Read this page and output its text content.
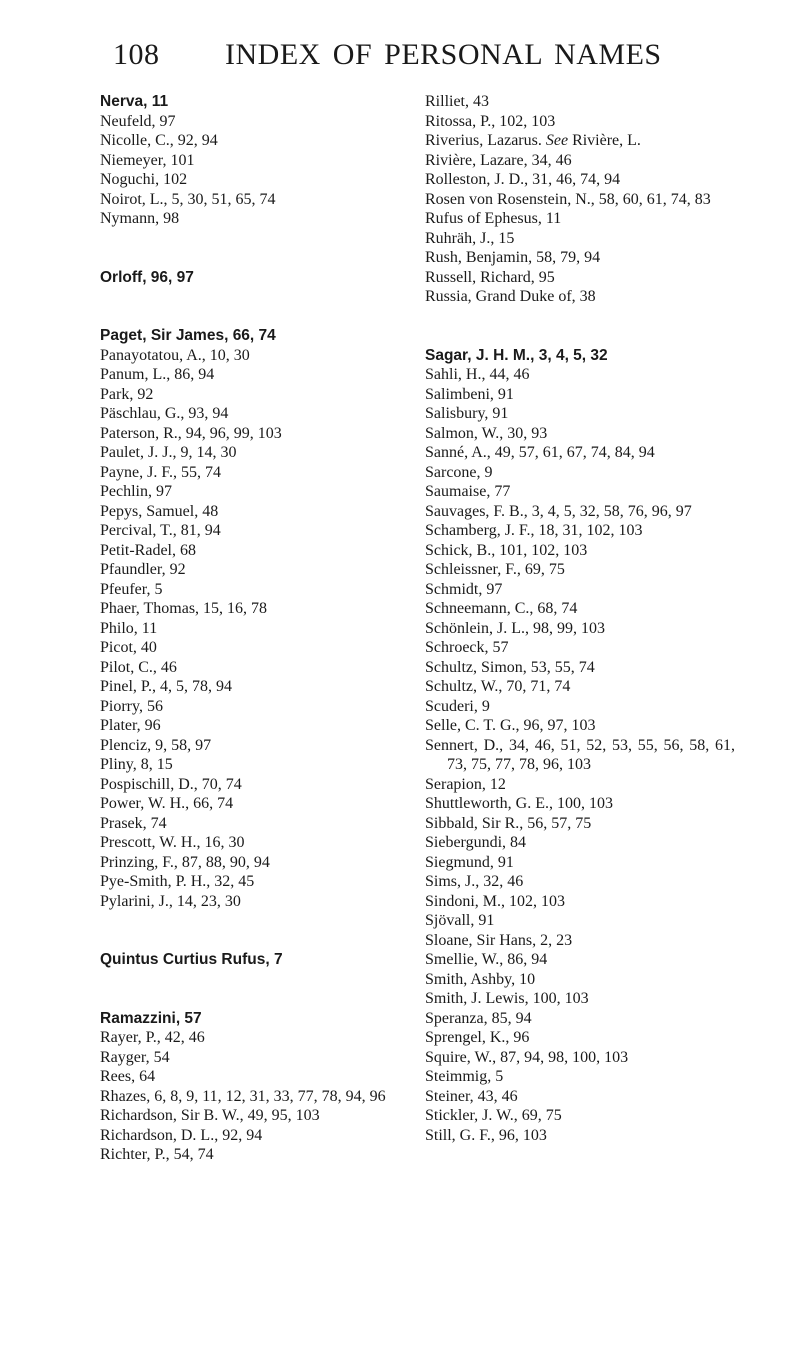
108 INDEX OF PERSONAL NAMES
Nerva, 11
Neufeld, 97
Nicolle, C., 92, 94
Niemeyer, 101
Noguchi, 102
Noirot, L., 5, 30, 51, 65, 74
Nymann, 98
Orloff, 96, 97
Paget, Sir James, 66, 74
Panayotatou, A., 10, 30
Panum, L., 86, 94
Park, 92
Päschlau, G., 93, 94
Paterson, R., 94, 96, 99, 103
Paulet, J. J., 9, 14, 30
Payne, J. F., 55, 74
Pechlin, 97
Pepys, Samuel, 48
Percival, T., 81, 94
Petit-Radel, 68
Pfaundler, 92
Pfeufer, 5
Phaer, Thomas, 15, 16, 78
Philo, 11
Picot, 40
Pilot, C., 46
Pinel, P., 4, 5, 78, 94
Piorry, 56
Plater, 96
Plenciz, 9, 58, 97
Pliny, 8, 15
Pospischill, D., 70, 74
Power, W. H., 66, 74
Prasek, 74
Prescott, W. H., 16, 30
Prinzing, F., 87, 88, 90, 94
Pye-Smith, P. H., 32, 45
Pylarini, J., 14, 23, 30
Quintus Curtius Rufus, 7
Ramazzini, 57
Rayer, P., 42, 46
Rayger, 54
Rees, 64
Rhazes, 6, 8, 9, 11, 12, 31, 33, 77, 78, 94, 96
Richardson, Sir B. W., 49, 95, 103
Richardson, D. L., 92, 94
Richter, P., 54, 74
Rilliet, 43
Ritossa, P., 102, 103
Riverius, Lazarus. See Rivière, L.
Rivière, Lazare, 34, 46
Rolleston, J. D., 31, 46, 74, 94
Rosen von Rosenstein, N., 58, 60, 61, 74, 83
Rufus of Ephesus, 11
Ruhräh, J., 15
Rush, Benjamin, 58, 79, 94
Russell, Richard, 95
Russia, Grand Duke of, 38
Sagar, J. H. M., 3, 4, 5, 32
Sahli, H., 44, 46
Salimbeni, 91
Salisbury, 91
Salmon, W., 30, 93
Sanné, A., 49, 57, 61, 67, 74, 84, 94
Sarcone, 9
Saumaise, 77
Sauvages, F. B., 3, 4, 5, 32, 58, 76, 96, 97
Schamberg, J. F., 18, 31, 102, 103
Schick, B., 101, 102, 103
Schleissner, F., 69, 75
Schmidt, 97
Schneemann, C., 68, 74
Schönlein, J. L., 98, 99, 103
Schroeck, 57
Schultz, Simon, 53, 55, 74
Schultz, W., 70, 71, 74
Scuderi, 9
Selle, C. T. G., 96, 97, 103
Sennert, D., 34, 46, 51, 52, 53, 55, 56, 58, 61, 73, 75, 77, 78, 96, 103
Serapion, 12
Shuttleworth, G. E., 100, 103
Sibbald, Sir R., 56, 57, 75
Siebergundi, 84
Siegmund, 91
Sims, J., 32, 46
Sindoni, M., 102, 103
Sjövall, 91
Sloane, Sir Hans, 2, 23
Smellie, W., 86, 94
Smith, Ashby, 10
Smith, J. Lewis, 100, 103
Speranza, 85, 94
Sprengel, K., 96
Squire, W., 87, 94, 98, 100, 103
Steimmig, 5
Steiner, 43, 46
Stickler, J. W., 69, 75
Still, G. F., 96, 103
